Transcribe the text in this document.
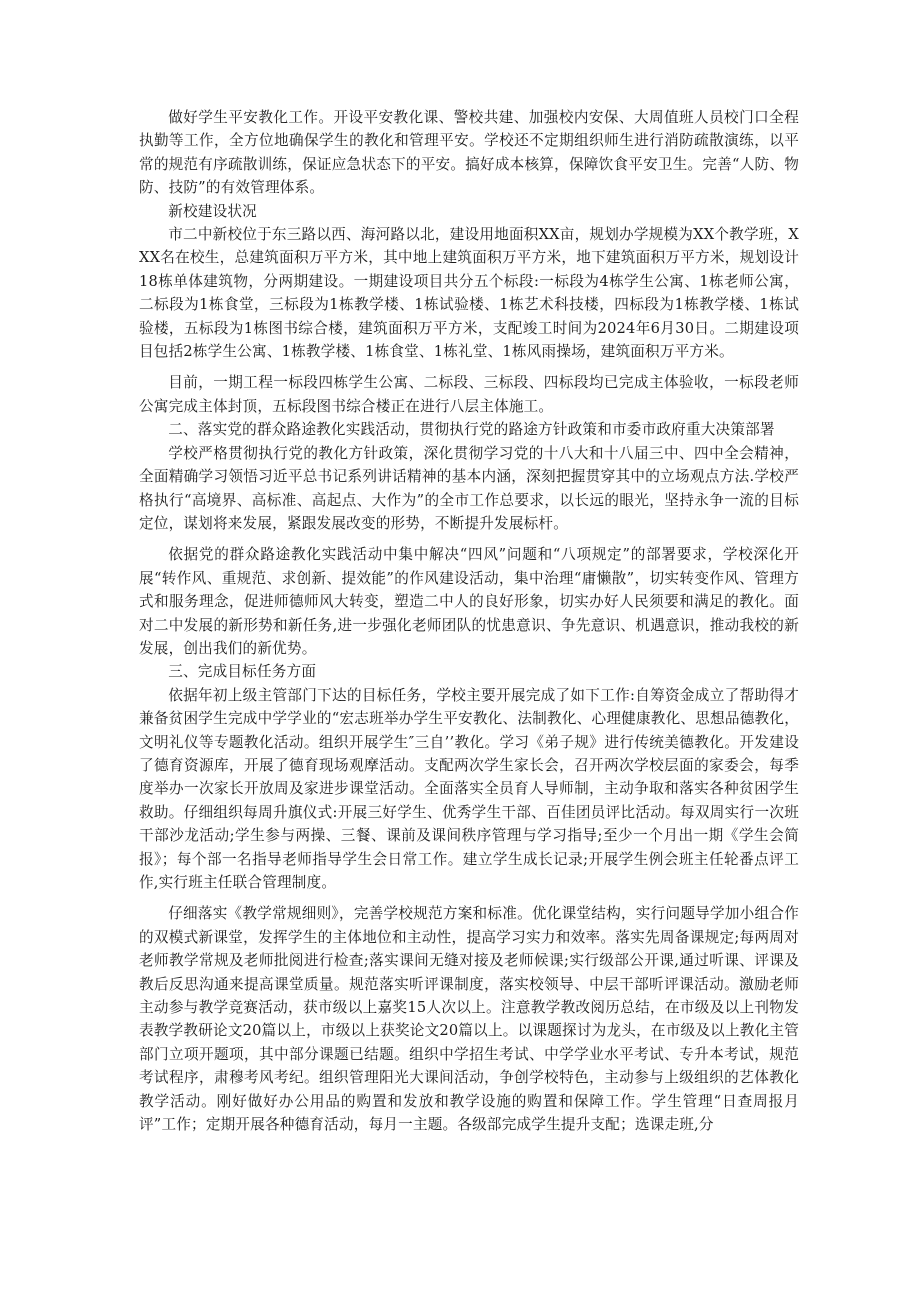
做好学生平安教化工作。开设平安教化课、警校共建、加强校内安保、大周值班人员校门口全程执勤等工作，全方位地确保学生的教化和管理平安。学校还不定期组织师生进行消防疏散演练，以平常的规范有序疏散训练，保证应急状态下的平安。搞好成本核算，保障饮食平安卫生。完善“人防、物防、技防”的有效管理体系。

新校建设状况

市二中新校位于东三路以西、海河路以北，建设用地面积XX亩，规划办学规模为XX个教学班，XXX名在校生，总建筑面积万平方米，其中地上建筑面积万平方米，地下建筑面积万平方米，规划设计18栋单体建筑物，分两期建设。一期建设项目共分五个标段:一标段为4栋学生公寓、1栋老师公寓，二标段为1栋食堂，三标段为1栋教学楼、1栋试验楼、1栋艺术科技楼，四标段为1栋教学楼、1栋试验楼，五标段为1栋图书综合楼，建筑面积万平方米，支配竣工时间为2024年6月30日。二期建设项目包括2栋学生公寓、1栋教学楼、1栋食堂、1栋礼堂、1栋风雨操场，建筑面积万平方米。

目前，一期工程一标段四栋学生公寓、二标段、三标段、四标段均已完成主体验收，一标段老师公寓完成主体封顶，五标段图书综合楼正在进行八层主体施工。

二、落实党的群众路途教化实践活动，贯彻执行党的路途方针政策和市委市政府重大决策部署

学校严格贯彻执行党的教化方针政策，深化贯彻学习党的十八大和十八届三中、四中全会精神，全面精确学习领悟习近平总书记系列讲话精神的基本内涵，深刻把握贯穿其中的立场观点方法.学校严格执行“高境界、高标准、高起点、大作为”的全市工作总要求，以长远的眼光，坚持永争一流的目标定位，谋划将来发展，紧跟发展改变的形势，不断提升发展标杆。

依据党的群众路途教化实践活动中集中解决“四风”问题和“八项规定”的部署要求，学校深化开展“转作风、重规范、求创新、提效能”的作风建设活动，集中治理“庸懒散”，切实转变作风、管理方式和服务理念，促进师德师风大转变，塑造二中人的良好形象，切实办好人民须要和满足的教化。面对二中发展的新形势和新任务,进一步强化老师团队的忧患意识、争先意识、机遇意识，推动我校的新发展，创出我们的新优势。

三、完成目标任务方面

依据年初上级主管部门下达的目标任务，学校主要开展完成了如下工作:自筹资金成立了帮助得才兼备贫困学生完成中学学业的“宏志班举办学生平安教化、法制教化、心理健康教化、思想品德教化，文明礼仪等专题教化活动。组织开展学生″三自’’教化。学习《弟子规》进行传统美德教化。开发建设了德育资源库，开展了德育现场观摩活动。支配两次学生家长会，召开两次学校层面的家委会，每季度举办一次家长开放周及家进步课堂活动。全面落实全员育人导师制，主动争取和落实各种贫困学生救助。仔细组织每周升旗仪式:开展三好学生、优秀学生干部、百佳团员评比活动。每双周实行一次班干部沙龙活动;学生参与两操、三餐、课前及课间秩序管理与学习指导;至少一个月出一期《学生会简报》；每个部一名指导老师指导学生会日常工作。建立学生成长记录;开展学生例会班主任轮番点评工作,实行班主任联合管理制度。

仔细落实《教学常规细则》，完善学校规范方案和标准。优化课堂结构，实行问题导学加小组合作的双模式新课堂，发挥学生的主体地位和主动性，提高学习实力和效率。落实先周备课规定;每两周对老师教学常规及老师批阅进行检查;落实课间无缝对接及老师候课;实行级部公开课,通过听课、评课及教后反思沟通来提高课堂质量。规范落实听评课制度，落实校领导、中层干部听评课活动。激励老师主动参与教学竞赛活动，获市级以上嘉奖15人次以上。注意教学教改阅历总结，在市级及以上刊物发表教学教研论文20篇以上，市级以上获奖论文20篇以上。以课题探讨为龙头，在市级及以上教化主管部门立项开题项，其中部分课题已结题。组织中学招生考试、中学学业水平考试、专升本考试，规范考试程序，肃穆考风考纪。组织管理阳光大课间活动，争创学校特色，主动参与上级组织的艺体教化教学活动。刚好做好办公用品的购置和发放和教学设施的购置和保障工作。学生管理“日查周报月评”工作；定期开展各种德育活动，每月一主题。各级部完成学生提升支配；选课走班,分
